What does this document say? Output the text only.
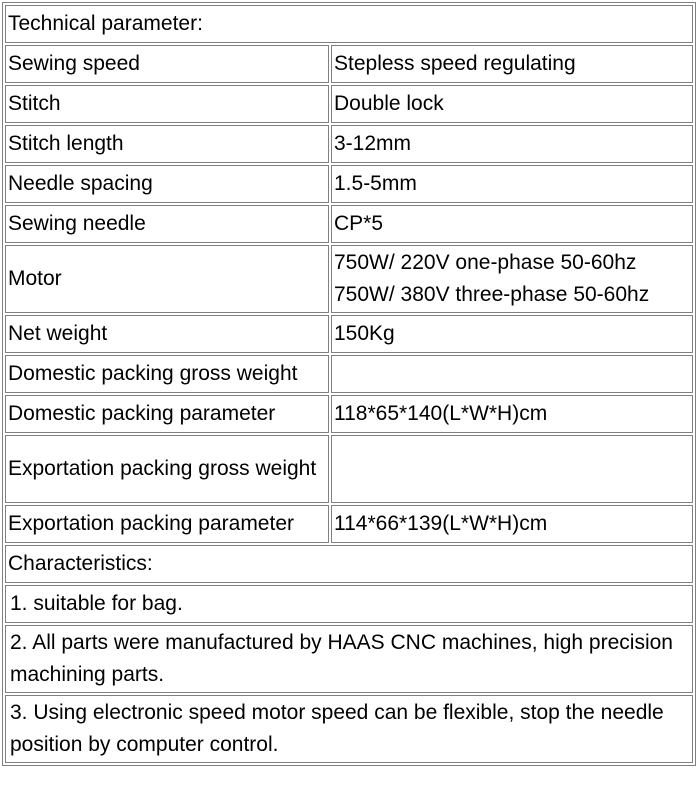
Technical parameter:	
Sewing speed	Stepless speed regulating
Stitch	Double lock
Stitch length	3-12mm
Needle spacing	1.5-5mm
Sewing needle	CP*5
Motor	750W/ 220V one-phase 50-60hz
750W/ 380V three-phase 50-60hz

Net weight	150Kg
Domestic packing gross weight	
Domestic packing parameter	118*65*140(L*W*H)cm
Exportation packing gross weight	
Exportation packing parameter	114*66*139(L*W*H)cm
Characteristics:	
1. suitable for bag.	
2. All parts were manufactured by HAAS CNC machines, high precision machining parts.	
3. Using electronic speed motor speed can be flexible, stop the needle position by computer control.	
